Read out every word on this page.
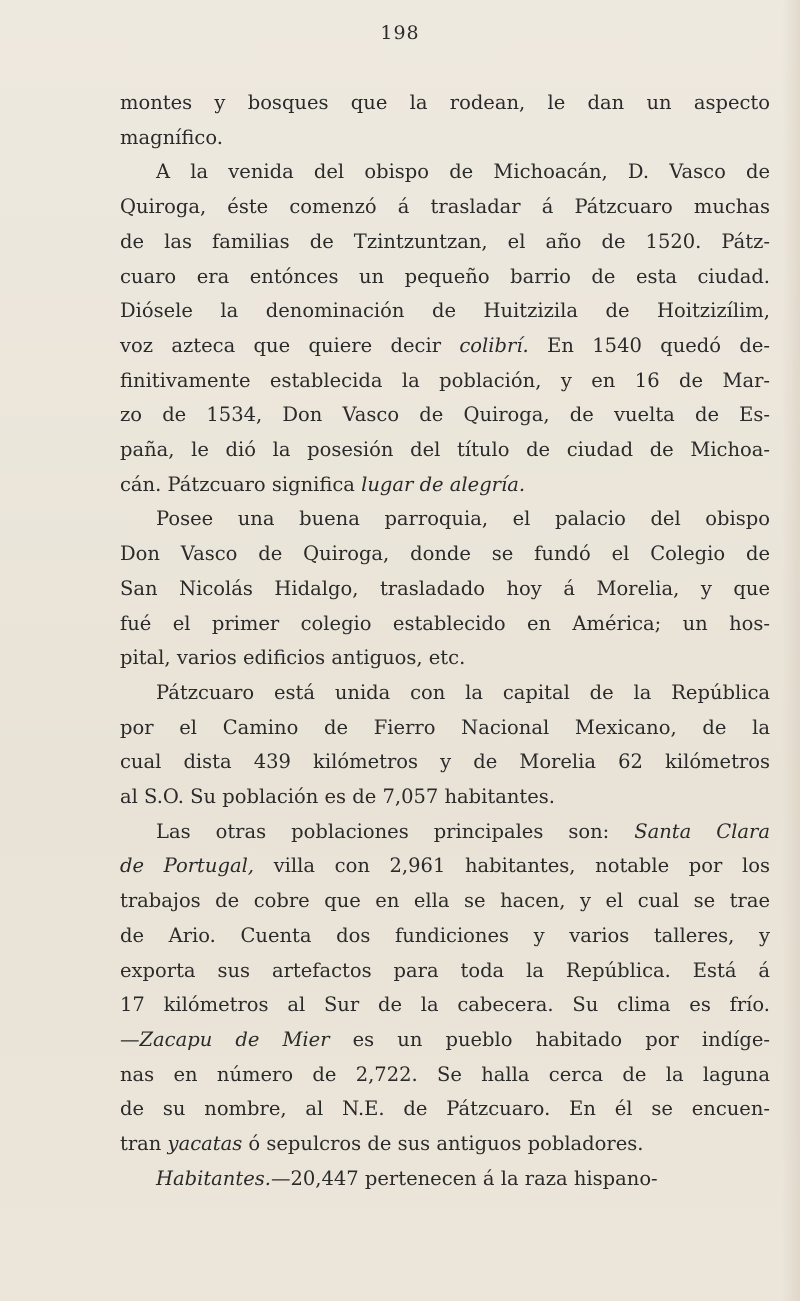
198
montes y bosques que la rodean, le dan un aspecto
magnífico.
A la venida del obispo de Michoacán, D. Vasco de
Quiroga, éste comenzó á trasladar á Pátzcuaro muchas
de las familias de Tzintzuntzan, el año de 1520. Pátz-
cuaro era entónces un pequeño barrio de esta ciudad.
Diósele la denominación de Huitzizila de Hoitzizílim,
voz azteca que quiere decir colibrí. En 1540 quedó de-
finitivamente establecida la población, y en 16 de Mar-
zo de 1534, Don Vasco de Quiroga, de vuelta de Es-
paña, le dió la posesión del título de ciudad de Michoa-
cán. Pátzcuaro significa lugar de alegría.
Posee una buena parroquia, el palacio del obispo
Don Vasco de Quiroga, donde se fundó el Colegio de
San Nicolás Hidalgo, trasladado hoy á Morelia, y que
fué el primer colegio establecido en América; un hos-
pital, varios edificios antiguos, etc.
Pátzcuaro está unida con la capital de la República
por el Camino de Fierro Nacional Mexicano, de la
cual dista 439 kilómetros y de Morelia 62 kilómetros
al S.O. Su población es de 7,057 habitantes.
Las otras poblaciones principales son: Santa Clara
de Portugal, villa con 2,961 habitantes, notable por los
trabajos de cobre que en ella se hacen, y el cual se trae
de Ario. Cuenta dos fundiciones y varios talleres, y
exporta sus artefactos para toda la República. Está á
17 kilómetros al Sur de la cabecera. Su clima es frío.
—Zacapu de Mier es un pueblo habitado por indíge-
nas en número de 2,722. Se halla cerca de la laguna
de su nombre, al N.E. de Pátzcuaro. En él se encuen-
tran yacatas ó sepulcros de sus antiguos pobladores.
Habitantes.—20,447 pertenecen á la raza hispano-
